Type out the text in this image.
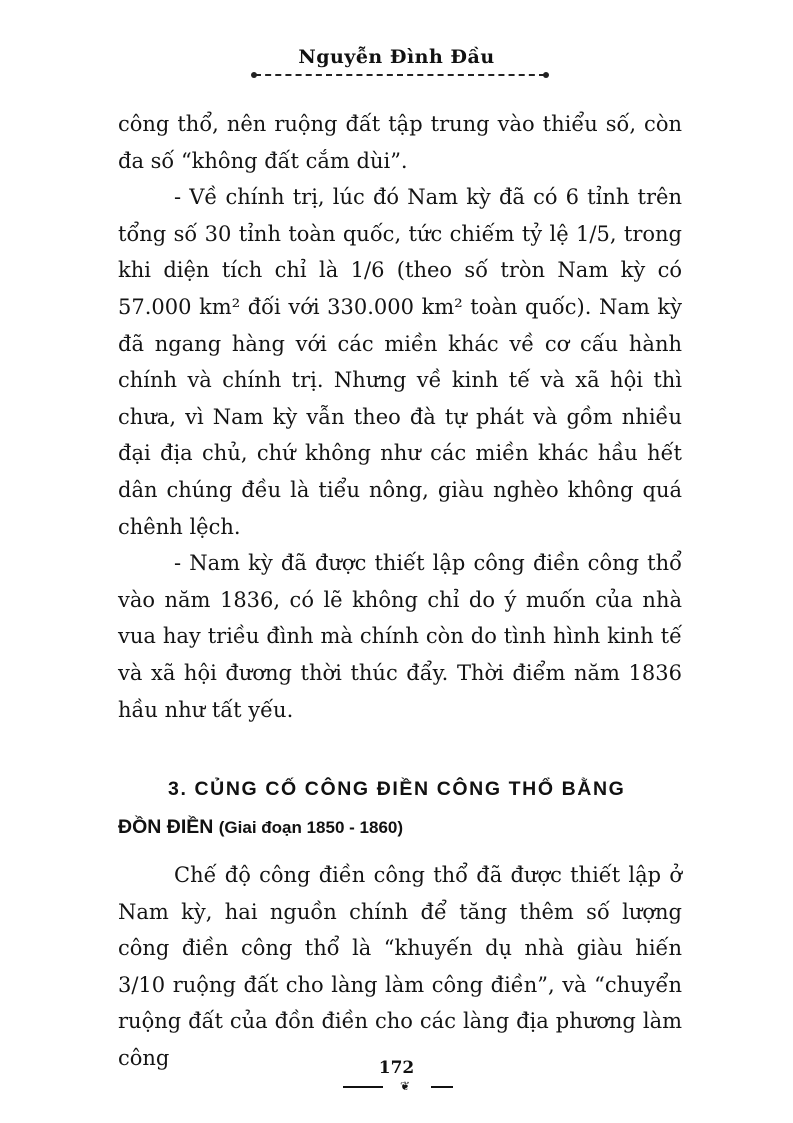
Nguyễn Đình Đầu

công thổ, nên ruộng đất tập trung vào thiểu số, còn đa số “không đất cắm dùi”.

- Về chính trị, lúc đó Nam kỳ đã có 6 tỉnh trên tổng số 30 tỉnh toàn quốc, tức chiếm tỷ lệ 1/5, trong khi diện tích chỉ là 1/6 (theo số tròn Nam kỳ có 57.000 km² đối với 330.000 km² toàn quốc). Nam kỳ đã ngang hàng với các miền khác về cơ cấu hành chính và chính trị. Nhưng về kinh tế và xã hội thì chưa, vì Nam kỳ vẫn theo đà tự phát và gồm nhiều đại địa chủ, chứ không như các miền khác hầu hết dân chúng đều là tiểu nông, giàu nghèo không quá chênh lệch.

- Nam kỳ đã được thiết lập công điền công thổ vào năm 1836, có lẽ không chỉ do ý muốn của nhà vua hay triều đình mà chính còn do tình hình kinh tế và xã hội đương thời thúc đẩy. Thời điểm năm 1836 hầu như tất yếu.

3. CỦNG CỐ CÔNG ĐIỀN CÔNG THỔ BẰNG
ĐỒN ĐIỀN (Giai đoạn 1850 - 1860)

Chế độ công điền công thổ đã được thiết lập ở Nam kỳ, hai nguồn chính để tăng thêm số lượng công điền công thổ là “khuyến dụ nhà giàu hiến 3/10 ruộng đất cho làng làm công điền”, và “chuyển ruộng đất của đồn điền cho các làng địa phương làm công	172
❦
